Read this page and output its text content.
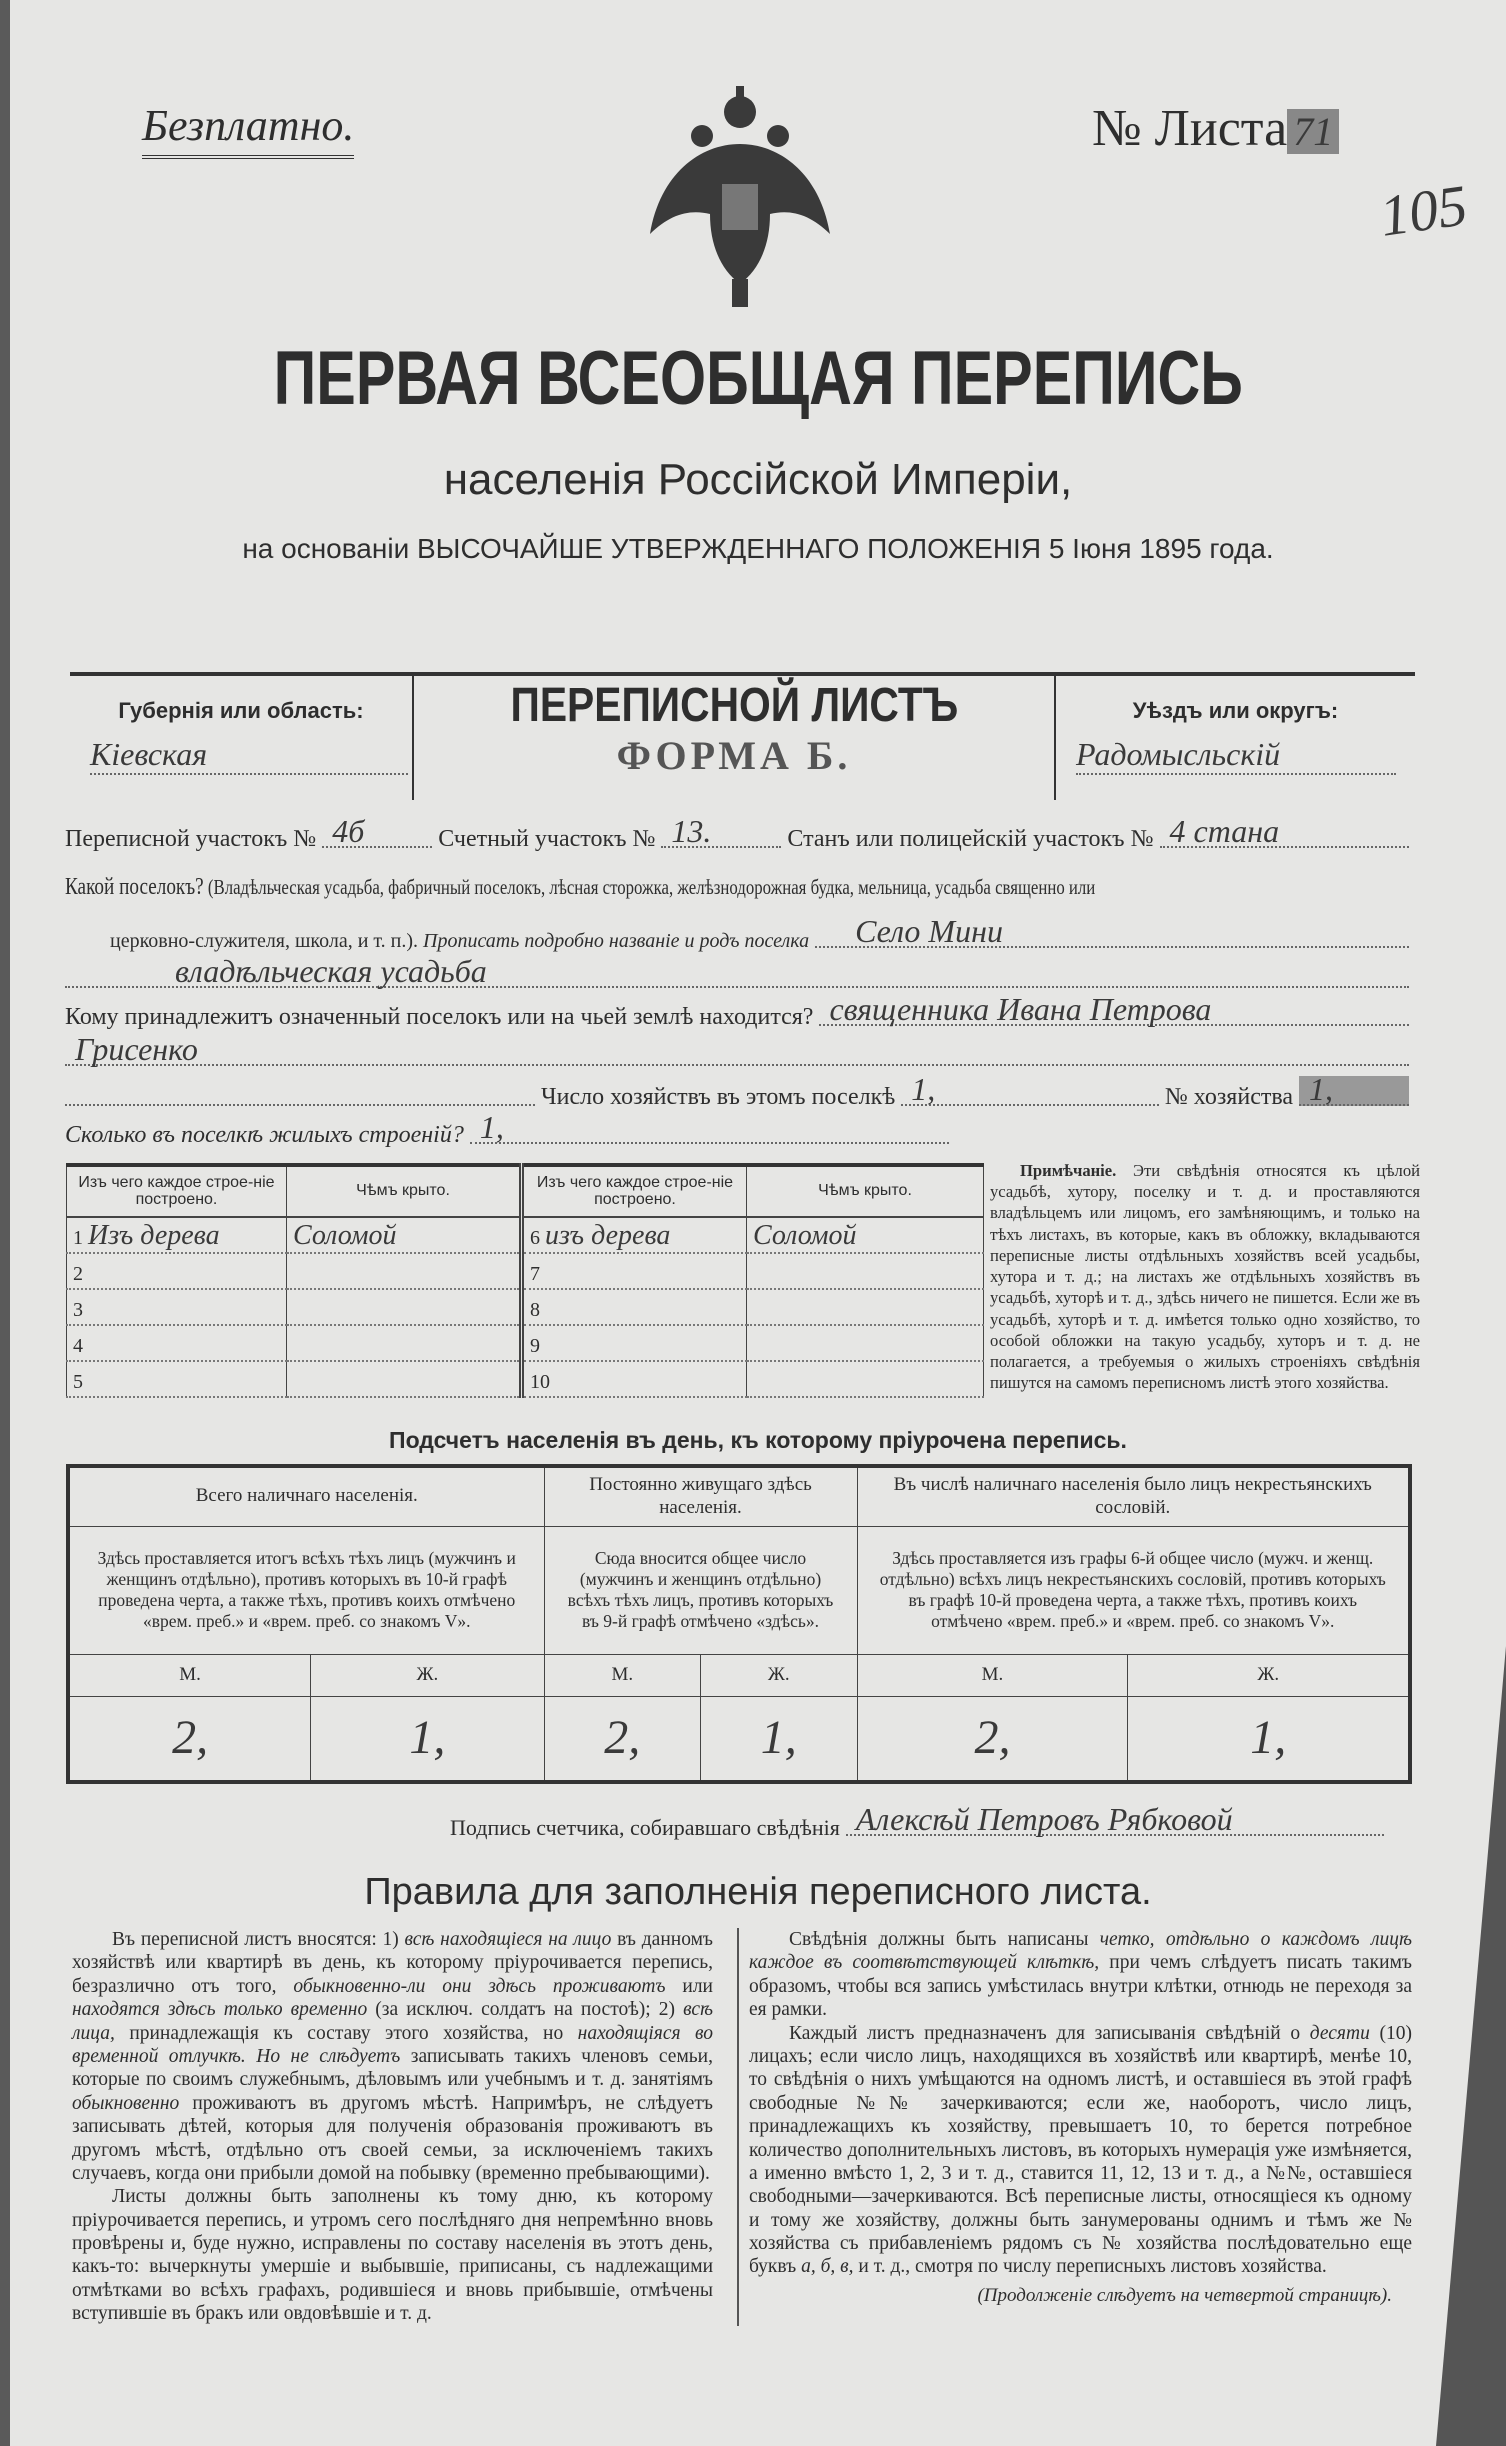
Безплатно.	№ Листа 71
105
ПЕРВАЯ ВСЕОБЩАЯ ПЕРЕПИСЬ
населенія Россійской Имперіи,
на основаніи ВЫСОЧАЙШЕ УТВЕРЖДЕННАГО ПОЛОЖЕНІЯ 5 Іюня 1895 года.
Губернія или область:
Кіевская
ПЕРЕПИСНОЙ ЛИСТЪ
ФОРМА Б.
Уѣздъ или округъ:
Радомысльскій
Переписной участокъ № 4б	Счетный участокъ № 13.	Станъ или полицейскій участокъ № 4 стана
Какой поселокъ? (Владѣльческая усадьба, фабричный поселокъ, лѣсная сторожка, желѣзнодорожная будка, мельница, усадьба священно или
церковно-служителя, школа, и т. п.).
Прописать подробно названіе и родъ поселка Село Мини
владѣльческая усадьба
Кому принадлежитъ означенный поселокъ или на чьей землѣ находится? священника Ивана Петрова
Грисенко
Число хозяйствъ въ этомъ поселкѣ 1,	№ хозяйства 1,
Сколько въ поселкѣ жилыхъ строеній? 1,
Изъ чего каждое строе-ніе построено.	Чѣмъ крыто.	Изъ чего каждое строе-ніе построено.	Чѣмъ крыто.
1 Изъ дерева	Соломой	6 изъ дерева	Соломой
2		7	
3		8	
4		9	
5		10	
Примѣчаніе. Эти свѣдѣнія относятся къ цѣлой усадьбѣ, хутору, поселку и т. д. и проставляются владѣльцемъ или лицомъ, его замѣняющимъ, и только на тѣхъ листахъ, въ которые, какъ въ обложку, вкладываются переписные листы отдѣльныхъ хозяйствъ всей усадьбы, хутора и т. д.; на листахъ же отдѣльныхъ хозяйствъ въ усадьбѣ, хуторѣ и т. д., здѣсь ничего не пишется. Если же въ усадьбѣ, хуторѣ и т. д. имѣется только одно хозяйство, то особой обложки на такую усадьбу, хуторъ и т. д. не полагается, а требуемыя о жилыхъ строеніяхъ свѣдѣнія пишутся на самомъ переписномъ листѣ этого хозяйства.
Подсчетъ населенія въ день, къ которому пріурочена перепись.
Всего наличнаго населенія.		Постоянно живущаго здѣсь населенія.		Въ числѣ наличнаго населенія было лицъ некрестьянскихъ сословій.	
Здѣсь проставляется итогъ всѣхъ тѣхъ лицъ (мужчинъ и женщинъ отдѣльно), противъ которыхъ въ 10-й графѣ проведена черта, а также тѣхъ, противъ коихъ отмѣчено «врем. преб.» и «врем. преб. со знакомъ V».		Сюда вносится общее число (мужчинъ и женщинъ отдѣльно) всѣхъ тѣхъ лицъ, противъ которыхъ въ 9-й графѣ отмѣчено «здѣсь».		Здѣсь проставляется изъ графы 6-й общее число (мужч. и женщ. отдѣльно) всѣхъ лицъ некрестьянскихъ сословій, противъ которыхъ въ графѣ 10-й проведена черта, а также тѣхъ, противъ коихъ отмѣчено «врем. преб.» и «врем. преб. со знакомъ V».	
М.	Ж.	М.	Ж.	М.	Ж.
2,	1,	2,	1,	2,	1,
Подпись счетчика, собиравшаго свѣдѣнія Алексѣй Петровъ Рябковой
Правила для заполненія переписного листа.

Въ переписной листъ вносятся: 1) всѣ находящіеся на лицо въ данномъ хозяйствѣ или квартирѣ въ день, къ которому пріурочивается перепись, безразлично отъ того, обыкновенно-ли они здѣсь проживаютъ или находятся здѣсь только временно (за исключ. солдатъ на постоѣ); 2) всѣ лица, принадлежащія къ составу этого хозяйства, но находящіяся во временной отлучкѣ. Но не слѣдуетъ записывать такихъ членовъ семьи, которые по своимъ служебнымъ, дѣловымъ или учебнымъ и т. д. занятіямъ обыкновенно проживаютъ въ другомъ мѣстѣ. Напримѣръ, не слѣдуетъ записывать дѣтей, которыя для полученія образованія проживаютъ въ другомъ мѣстѣ, отдѣльно отъ своей семьи, за исключеніемъ такихъ случаевъ, когда они прибыли домой на побывку (временно пребывающими).

Листы должны быть заполнены къ тому дню, къ которому пріурочивается перепись, и утромъ сего послѣдняго дня непремѣнно вновь провѣрены и, буде нужно, исправлены по составу населенія въ этотъ день, какъ-то: вычеркнуты умершіе и выбывшіе, приписаны, съ надлежащими отмѣтками во всѣхъ графахъ, родившіеся и вновь прибывшіе, отмѣчены вступившіе въ бракъ или овдовѣвшіе и т. д.

Свѣдѣнія должны быть написаны четко, отдѣльно о каждомъ лицѣ каждое въ соотвѣтствующей клѣткѣ, при чемъ слѣдуетъ писать такимъ образомъ, чтобы вся запись умѣстилась внутри клѣтки, отнюдь не переходя за ея рамки.

Каждый листъ предназначенъ для записыванія свѣдѣній о десяти (10) лицахъ; если число лицъ, находящихся въ хозяйствѣ или квартирѣ, менѣе 10, то свѣдѣнія о нихъ умѣщаются на одномъ листѣ, и оставшіеся въ этой графѣ свободные №№ зачеркиваются; если же, наоборотъ, число лицъ, принадлежащихъ къ хозяйству, превышаетъ 10, то берется потребное количество дополнительныхъ листовъ, въ которыхъ нумерація уже измѣняется, а именно вмѣсто 1, 2, 3 и т. д., ставится 11, 12, 13 и т. д., а №№, оставшіеся свободными—зачеркиваются. Всѣ переписные листы, относящіеся къ одному и тому же хозяйству, должны быть занумерованы однимъ и тѣмъ же № хозяйства съ прибавленіемъ рядомъ съ № хозяйства послѣдовательно еще буквъ а, б, в, и т. д., смотря по числу переписныхъ листовъ хозяйства.

(Продолженіе слѣдуетъ на четвертой страницѣ).
